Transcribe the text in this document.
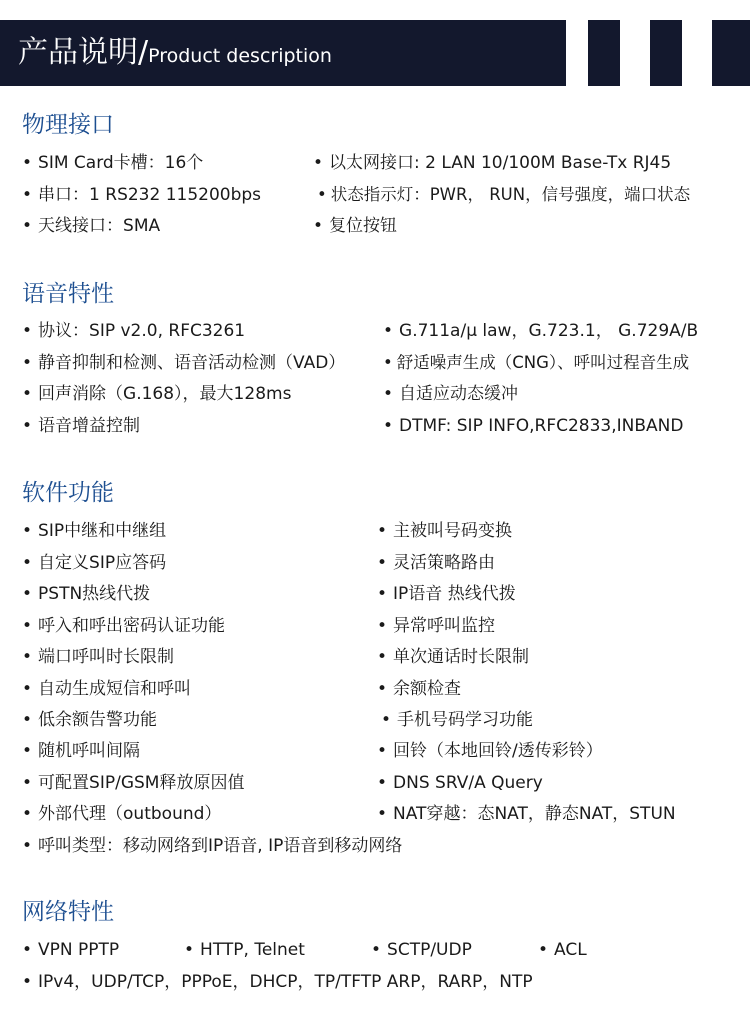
产品说明/Product description
物理接口
• SIM Card卡槽：16个
• 串口：1 RS232 115200bps
• 天线接口：SMA
• 以太网接口: 2 LAN 10/100M Base-Tx RJ45
• 状态指示灯：PWR， RUN，信号强度，端口状态
• 复位按钮
语音特性
• 协议：SIP v2.0, RFC3261
• 静音抑制和检测、语音活动检测（VAD）
• 回声消除（G.168），最大128ms
• 语音增益控制
• G.711a/μ law，G.723.1， G.729A/B
• 舒适噪声生成（CNG）、呼叫过程音生成
• 自适应动态缓冲
• DTMF: SIP INFO,RFC2833,INBAND
软件功能
• SIP中继和中继组
• 自定义SIP应答码
• PSTN热线代拨
• 呼入和呼出密码认证功能
• 端口呼叫时长限制
• 自动生成短信和呼叫
• 低余额告警功能
• 随机呼叫间隔
• 可配置SIP/GSM释放原因值
• 外部代理（outbound）
• 呼叫类型：移动网络到IP语音, IP语音到移动网络
• 主被叫号码变换
• 灵活策略路由
• IP语音 热线代拨
• 异常呼叫监控
• 单次通话时长限制
• 余额检查
• 手机号码学习功能
• 回铃（本地回铃/透传彩铃）
• DNS SRV/A Query
• NAT穿越：态NAT，静态NAT，STUN
网络特性
• VPN PPTP	• HTTP, Telnet	• SCTP/UDP	• ACL
• IPv4，UDP/TCP，PPPoE，DHCP，TP/TFTP ARP，RARP，NTP
